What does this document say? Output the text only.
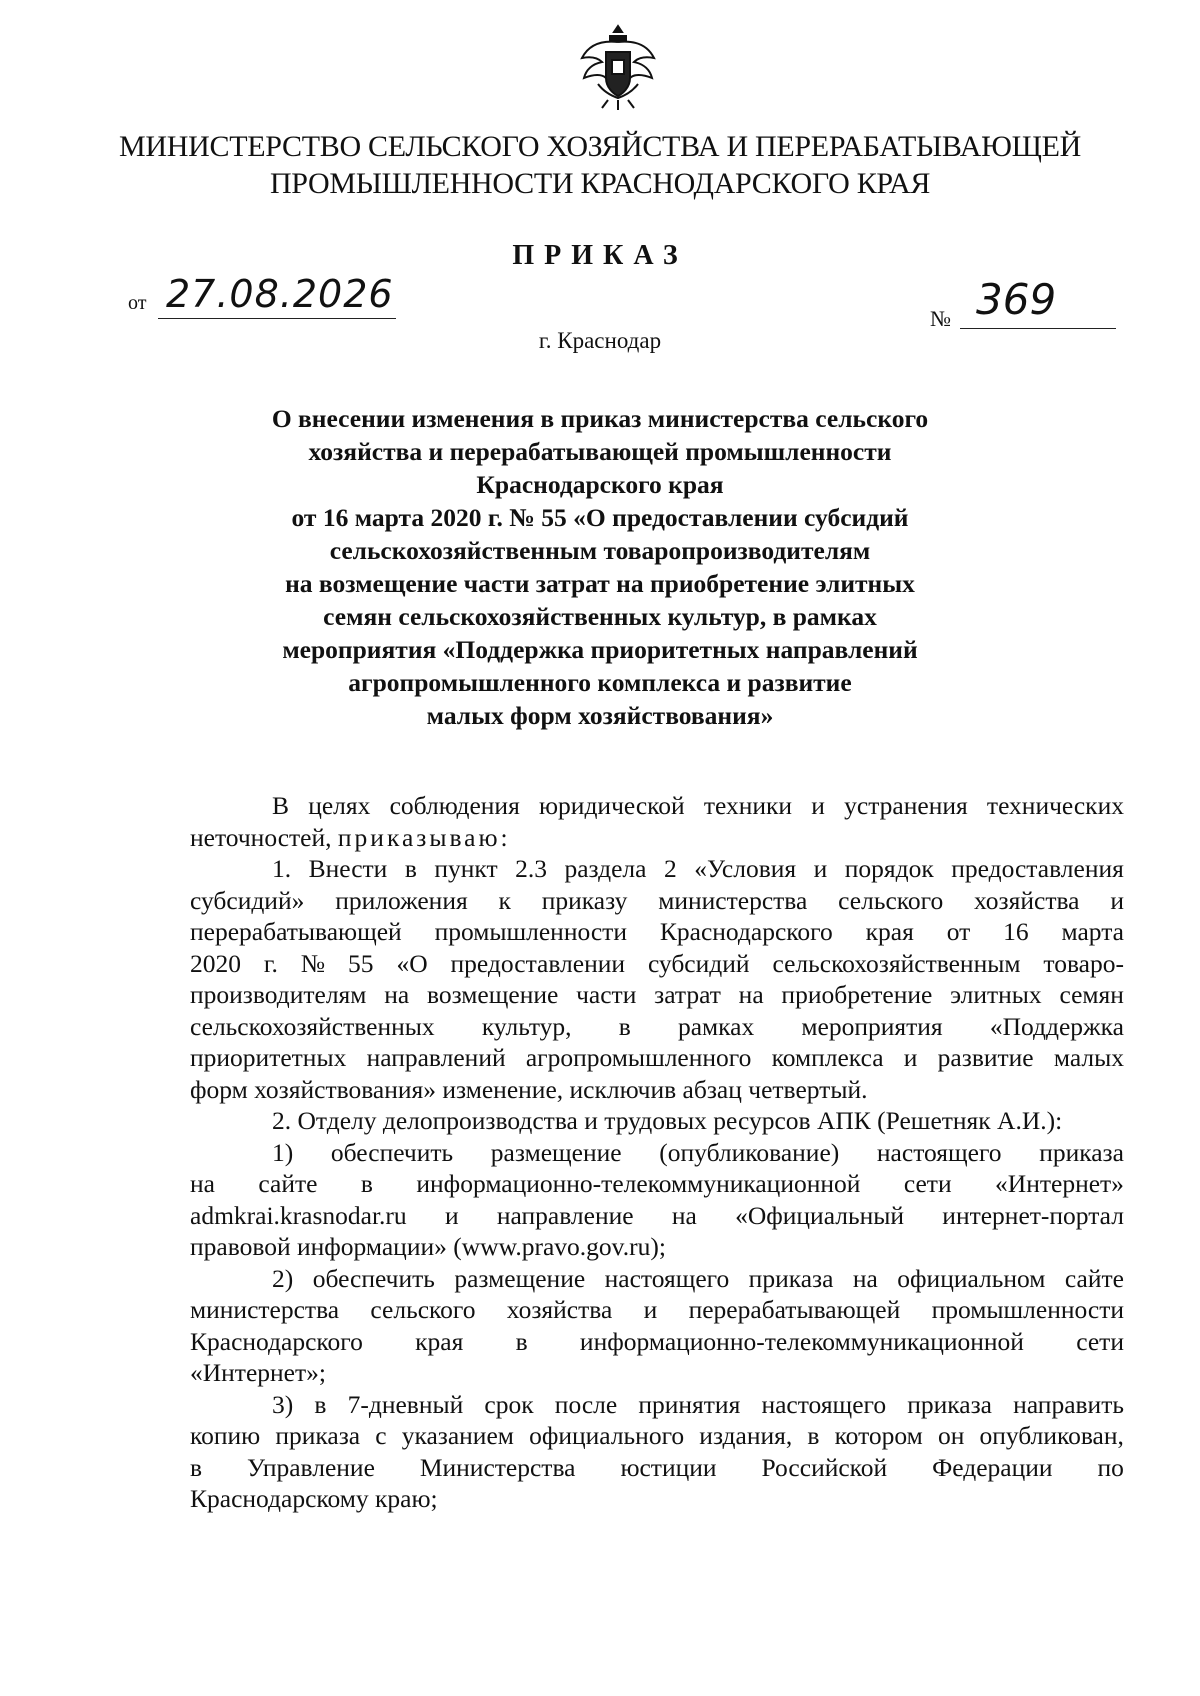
МИНИСТЕРСТВО СЕЛЬСКОГО ХОЗЯЙСТВА И ПЕРЕРАБАТЫВАЮЩЕЙ
ПРОМЫШЛЕННОСТИ КРАСНОДАРСКОГО КРАЯ
ПРИКАЗ
от 27.08.2026
№ 369
г. Краснодар
О внесении изменения в приказ министерства сельского
хозяйства и перерабатывающей промышленности
Краснодарского края
от 16 марта 2020 г. № 55 «О предоставлении субсидий
сельскохозяйственным товаропроизводителям
на возмещение части затрат на приобретение элитных
семян сельскохозяйственных культур, в рамках
мероприятия «Поддержка приоритетных направлений
агропромышленного комплекса и развитие
малых форм хозяйствования»
В целях соблюдения юридической техники и устранения технических
неточностей, приказываю:
1. Внести в пункт 2.3 раздела 2 «Условия и порядок предоставления
субсидий» приложения к приказу министерства сельского хозяйства и
перерабатывающей промышленности Краснодарского края от 16 марта
2020 г. № 55 «О предоставлении субсидий сельскохозяйственным товаро-
производителям на возмещение части затрат на приобретение элитных семян
сельскохозяйственных культур, в рамках мероприятия «Поддержка
приоритетных направлений агропромышленного комплекса и развитие малых
форм хозяйствования» изменение, исключив абзац четвертый.
2. Отделу делопроизводства и трудовых ресурсов АПК (Решетняк А.И.):
1) обеспечить размещение (опубликование) настоящего приказа
на сайте в информационно-телекоммуникационной сети «Интернет»
admkrai.krasnodar.ru и направление на «Официальный интернет-портал
правовой информации» (www.pravo.gov.ru);
2) обеспечить размещение настоящего приказа на официальном сайте
министерства сельского хозяйства и перерабатывающей промышленности
Краснодарского края в информационно-телекоммуникационной сети
«Интернет»;
3) в 7-дневный срок после принятия настоящего приказа направить
копию приказа с указанием официального издания, в котором он опубликован,
в Управление Министерства юстиции Российской Федерации по
Краснодарскому краю;
